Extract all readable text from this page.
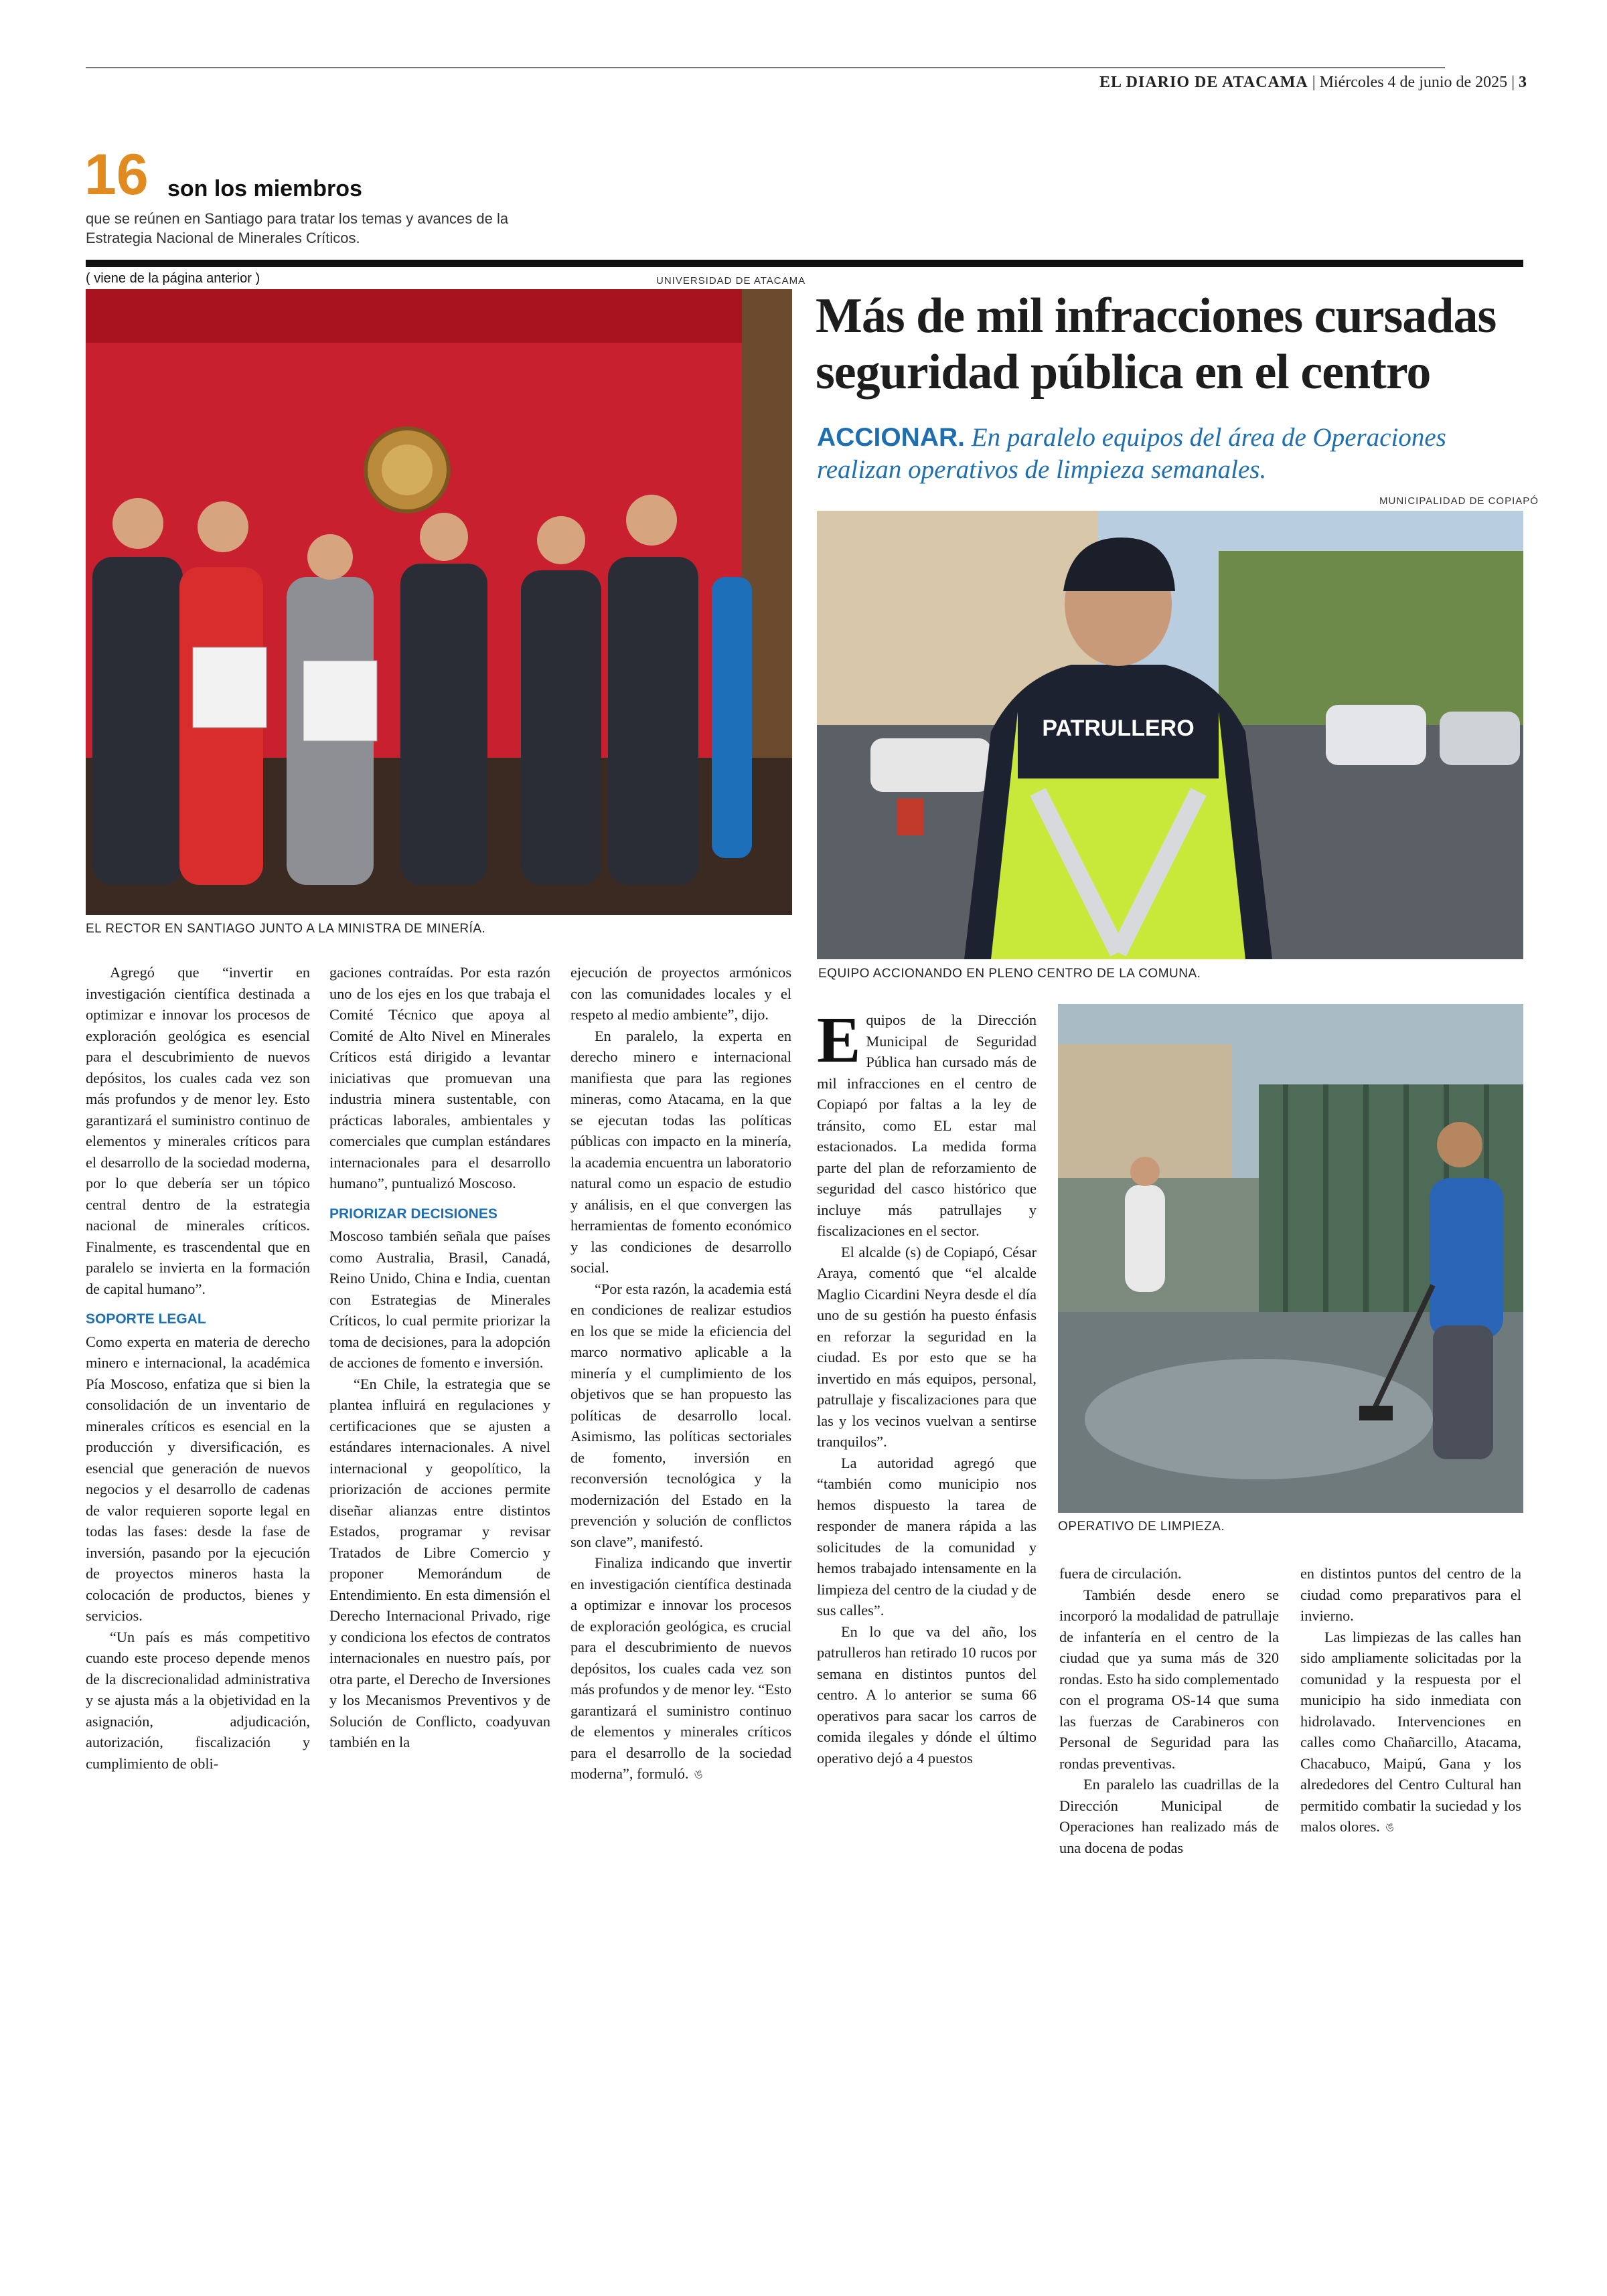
EL DIARIO DE ATACAMA | Miércoles 4 de junio de 2025 | 3
16 son los miembros
que se reúnen en Santiago para tratar los temas y avances de la Estrategia Nacional de Minerales Críticos.
( viene de la página anterior )	UNIVERSIDAD DE ATACAMA
EL RECTOR EN SANTIAGO JUNTO A LA MINISTRA DE MINERÍA.

Agregó que “invertir en investigación científica destinada a optimizar e innovar los procesos de exploración geológica es esencial para el descubrimiento de nuevos depósitos, los cuales cada vez son más profundos y de menor ley. Esto garantizará el suministro continuo de elementos y minerales críticos para el desarrollo de la sociedad moderna, por lo que debería ser un tópico central dentro de la estrategia nacional de minerales críticos. Finalmente, es trascendental que en paralelo se invierta en la formación de capital humano”.

SOPORTE LEGAL

Como experta en materia de derecho minero e internacional, la académica Pía Moscoso, enfatiza que si bien la consolidación de un inventario de minerales críticos es esencial en la producción y diversificación, es esencial que generación de nuevos negocios y el desarrollo de cadenas de valor requieren soporte legal en todas las fases: desde la fase de inversión, pasando por la ejecución de proyectos mineros hasta la colocación de productos, bienes y servicios.

“Un país es más competitivo cuando este proceso depende menos de la discrecionalidad administrativa y se ajusta más a la objetividad en la asignación, adjudicación, autorización, fiscalización y cumplimiento de obli-

gaciones contraídas. Por esta razón uno de los ejes en los que trabaja el Comité Técnico que apoya al Comité de Alto Nivel en Minerales Críticos está dirigido a levantar iniciativas que promuevan una industria minera sustentable, con prácticas laborales, ambientales y comerciales que cumplan estándares internacionales para el desarrollo humano”, puntualizó Moscoso.

PRIORIZAR DECISIONES

Moscoso también señala que países como Australia, Brasil, Canadá, Reino Unido, China e India, cuentan con Estrategias de Minerales Críticos, lo cual permite priorizar la toma de decisiones, para la adopción de acciones de fomento e inversión.

“En Chile, la estrategia que se plantea influirá en regulaciones y certificaciones que se ajusten a estándares internacionales. A nivel internacional y geopolítico, la priorización de acciones permite diseñar alianzas entre distintos Estados, programar y revisar Tratados de Libre Comercio y proponer Memorándum de Entendimiento. En esta dimensión el Derecho Internacional Privado, rige y condiciona los efectos de contratos internacionales en nuestro país, por otra parte, el Derecho de Inversiones y los Mecanismos Preventivos y de Solución de Conflicto, coadyuvan también en la

ejecución de proyectos armónicos con las comunidades locales y el respeto al medio ambiente”, dijo.

En paralelo, la experta en derecho minero e internacional manifiesta que para las regiones mineras, como Atacama, en la que se ejecutan todas las políticas públicas con impacto en la minería, la academia encuentra un laboratorio natural como un espacio de estudio y análisis, en el que convergen las herramientas de fomento económico y las condiciones de desarrollo social.

“Por esta razón, la academia está en condiciones de realizar estudios en los que se mide la eficiencia del marco normativo aplicable a la minería y el cumplimiento de los objetivos que se han propuesto las políticas de desarrollo local. Asimismo, las políticas sectoriales de fomento, inversión en reconversión tecnológica y la modernización del Estado en la prevención y solución de conflictos son clave”, manifestó.

Finaliza indicando que invertir en investigación científica destinada a optimizar e innovar los procesos de exploración geológica, es crucial para el descubrimiento de nuevos depósitos, los cuales cada vez son más profundos y de menor ley. “Esto garantizará el suministro continuo de elementos y minerales críticos para el desarrollo de la sociedad moderna”, formuló. ঙ

Más de mil infracciones cursadas seguridad pública en el centro
ACCIONAR. En paralelo equipos del área de Operaciones realizan operativos de limpieza semanales.
MUNICIPALIDAD DE COPIAPÓ
PATRULLERO
EQUIPO ACCIONANDO EN PLENO CENTRO DE LA COMUNA.

Equipos de la Dirección Municipal de Seguridad Pública han cursado más de mil infracciones en el centro de Copiapó por faltas a la ley de tránsito, como EL estar mal estacionados. La medida forma parte del plan de reforzamiento de seguridad del casco histórico que incluye más patrullajes y fiscalizaciones en el sector.

El alcalde (s) de Copiapó, César Araya, comentó que “el alcalde Maglio Cicardini Neyra desde el día uno de su gestión ha puesto énfasis en reforzar la seguridad en la ciudad. Es por esto que se ha invertido en más equipos, personal, patrullaje y fiscalizaciones para que las y los vecinos vuelvan a sentirse tranquilos”.

La autoridad agregó que “también como municipio nos hemos dispuesto la tarea de responder de manera rápida a las solicitudes de la comunidad y hemos trabajado intensamente en la limpieza del centro de la ciudad y de sus calles”.

En lo que va del año, los patrulleros han retirado 10 rucos por semana en distintos puntos del centro. A lo anterior se suma 66 operativos para sacar los carros de comida ilegales y dónde el último operativo dejó a 4 puestos

OPERATIVO DE LIMPIEZA.

fuera de circulación.

También desde enero se incorporó la modalidad de patrullaje de infantería en el centro de la ciudad que ya suma más de 320 rondas. Esto ha sido complementado con el programa OS-14 que suma las fuerzas de Carabineros con Personal de Seguridad para las rondas preventivas.

En paralelo las cuadrillas de la Dirección Municipal de Operaciones han realizado más de una docena de podas

en distintos puntos del centro de la ciudad como preparativos para el invierno.

Las limpiezas de las calles han sido ampliamente solicitadas por la comunidad y la respuesta por el municipio ha sido inmediata con hidrolavado. Intervenciones en calles como Chañarcillo, Atacama, Chacabuco, Maipú, Gana y los alrededores del Centro Cultural han permitido combatir la suciedad y los malos olores. ঙ
